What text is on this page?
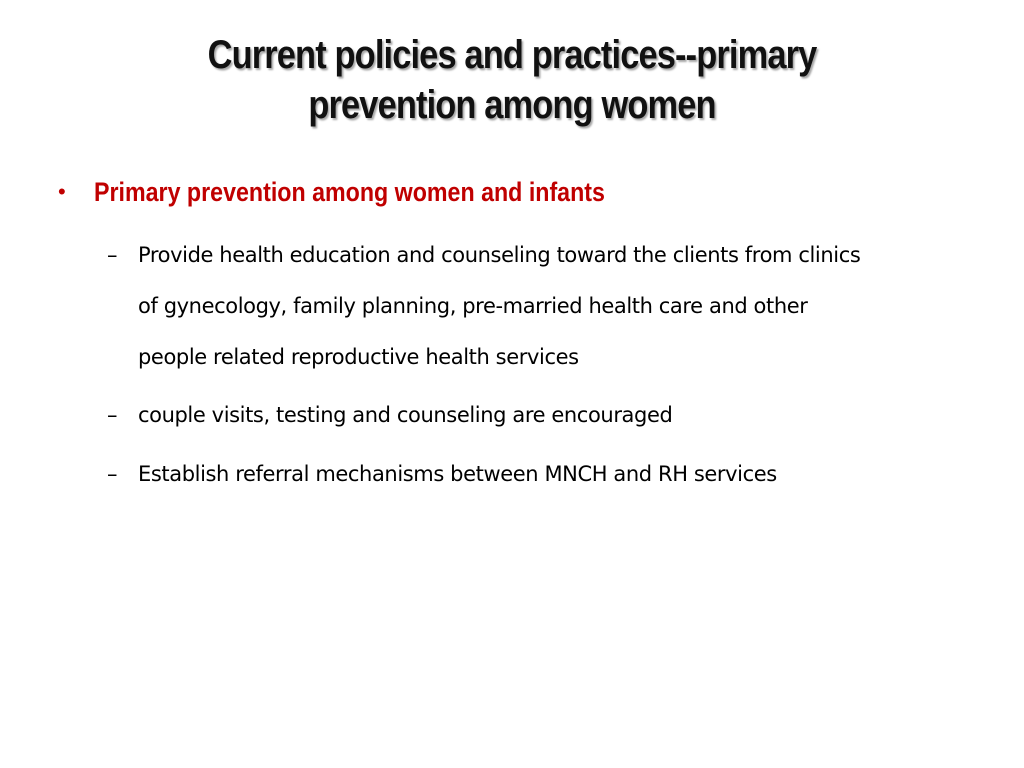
Current policies and practices--primary
prevention among women
• Primary prevention among women and infants
– Provide health education and counseling toward the clients from clinics
of gynecology, family planning, pre-married health care and other
people related reproductive health services
– couple visits, testing and counseling are encouraged
– Establish referral mechanisms between MNCH and RH services
